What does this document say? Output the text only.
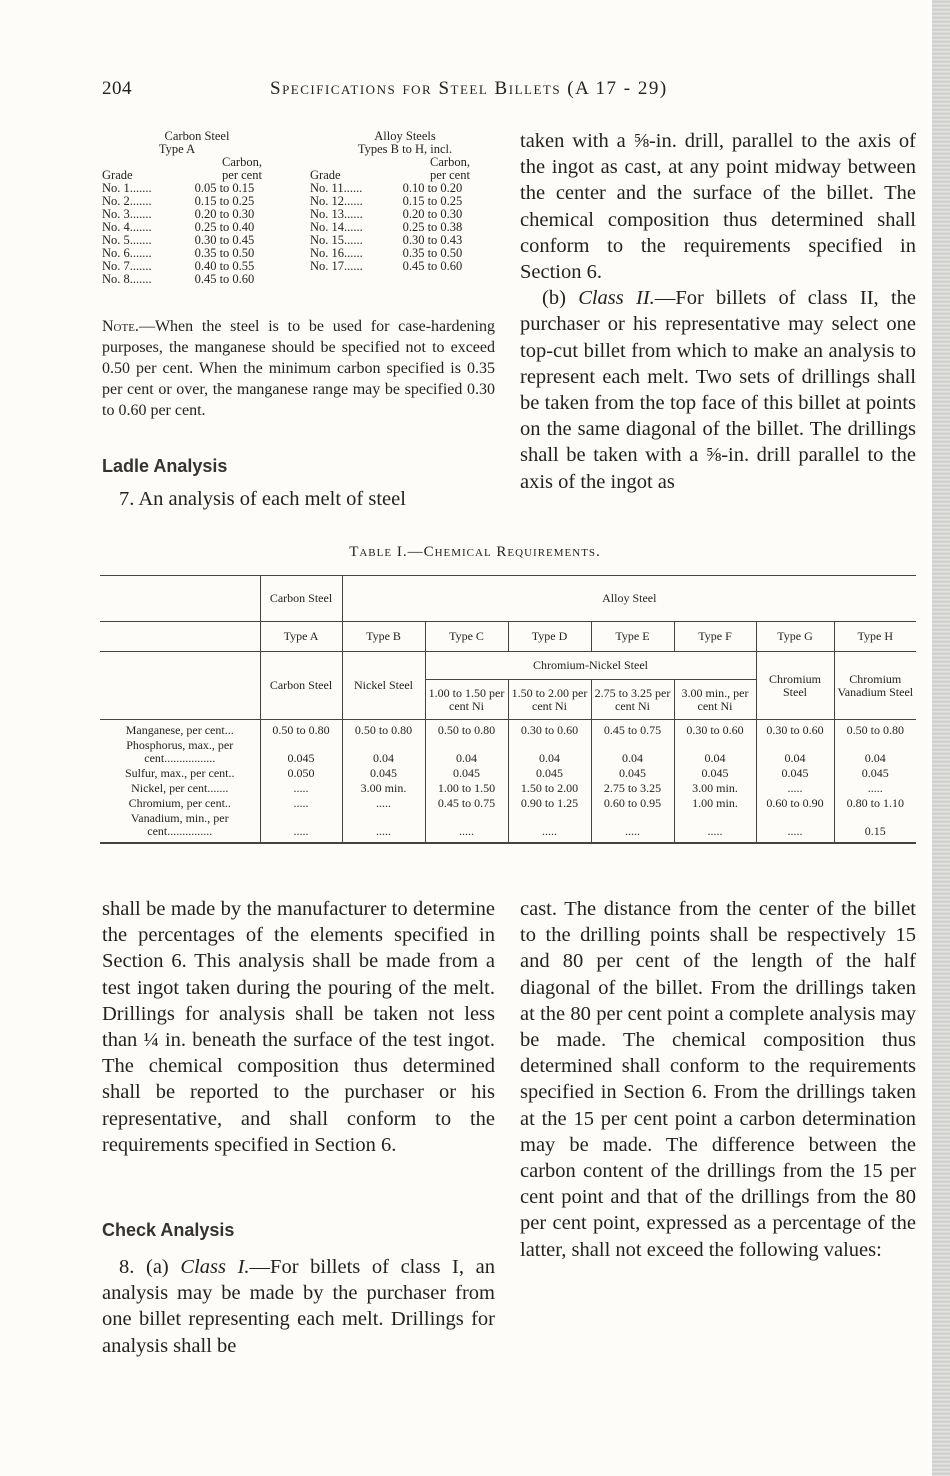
204	Specifications for Steel Billets (A 17 - 29)
Carbon Steel
Type A
Grade
Carbon,
per cent
No. 1.......	0.05 to 0.15
No. 2.......	0.15 to 0.25
No. 3.......	0.20 to 0.30
No. 4.......	0.25 to 0.40
No. 5.......	0.30 to 0.45
No. 6.......	0.35 to 0.50
No. 7.......	0.40 to 0.55
No. 8.......	0.45 to 0.60
Alloy Steels
Types B to H, incl.
Grade
Carbon,
per cent
No. 11......	0.10 to 0.20
No. 12......	0.15 to 0.25
No. 13......	0.20 to 0.30
No. 14......	0.25 to 0.38
No. 15......	0.30 to 0.43
No. 16......	0.35 to 0.50
No. 17......	0.45 to 0.60
Note.—When the steel is to be used for case-hardening purposes, the manganese should be specified not to exceed 0.50 per cent. When the minimum carbon specified is 0.35 per cent or over, the manganese range may be specified 0.30 to 0.60 per cent.
Ladle Analysis
7. An analysis of each melt of steel
taken with a ⅝-in. drill, parallel to the axis of the ingot as cast, at any point midway between the center and the surface of the billet. The chemical composition thus determined shall conform to the requirements specified in Section 6.
(b) Class II.—For billets of class II, the purchaser or his representative may select one top-cut billet from which to make an analysis to represent each melt. Two sets of drillings shall be taken from the top face of this billet at points on the same diagonal of the billet. The drillings shall be taken with a ⅝-in. drill parallel to the axis of the ingot as
Table I.—Chemical Requirements.
	Carbon Steel	Alloy Steel						
	Type A	Type B	Type C	Type D	Type E	Type F	Type G	Type H
	Carbon Steel	Nickel Steel	Chromium-Nickel Steel				Chromium Steel	Chromium Vanadium Steel
			1.00 to 1.50 per cent Ni	1.50 to 2.00 per cent Ni	2.75 to 3.25 per cent Ni	3.00 min., per cent Ni		
Manganese, per cent...	0.50 to 0.80	0.50 to 0.80	0.50 to 0.80	0.30 to 0.60	0.45 to 0.75	0.30 to 0.60	0.30 to 0.60	0.50 to 0.80
Phosphorus, max., per cent.................	0.045	0.04	0.04	0.04	0.04	0.04	0.04	0.04
Sulfur, max., per cent..	0.050	0.045	0.045	0.045	0.045	0.045	0.045	0.045
Nickel, per cent.......	.....	3.00 min.	1.00 to 1.50	1.50 to 2.00	2.75 to 3.25	3.00 min.	.....	.....
Chromium, per cent..	.....	.....	0.45 to 0.75	0.90 to 1.25	0.60 to 0.95	1.00 min.	0.60 to 0.90	0.80 to 1.10
Vanadium, min., per cent...............	.....	.....	.....	.....	.....	.....	.....	0.15
shall be made by the manufacturer to determine the percentages of the elements specified in Section 6. This analysis shall be made from a test ingot taken during the pouring of the melt. Drillings for analysis shall be taken not less than ¼ in. beneath the surface of the test ingot. The chemical composition thus determined shall be reported to the purchaser or his representative, and shall conform to the requirements specified in Section 6.
Check Analysis
8. (a) Class I.—For billets of class I, an analysis may be made by the purchaser from one billet representing each melt. Drillings for analysis shall be
cast. The distance from the center of the billet to the drilling points shall be respectively 15 and 80 per cent of the length of the half diagonal of the billet. From the drillings taken at the 80 per cent point a complete analysis may be made. The chemical composition thus determined shall conform to the requirements specified in Section 6. From the drillings taken at the 15 per cent point a carbon determination may be made. The difference between the carbon content of the drillings from the 15 per cent point and that of the drillings from the 80 per cent point, expressed as a percentage of the latter, shall not exceed the following values:
